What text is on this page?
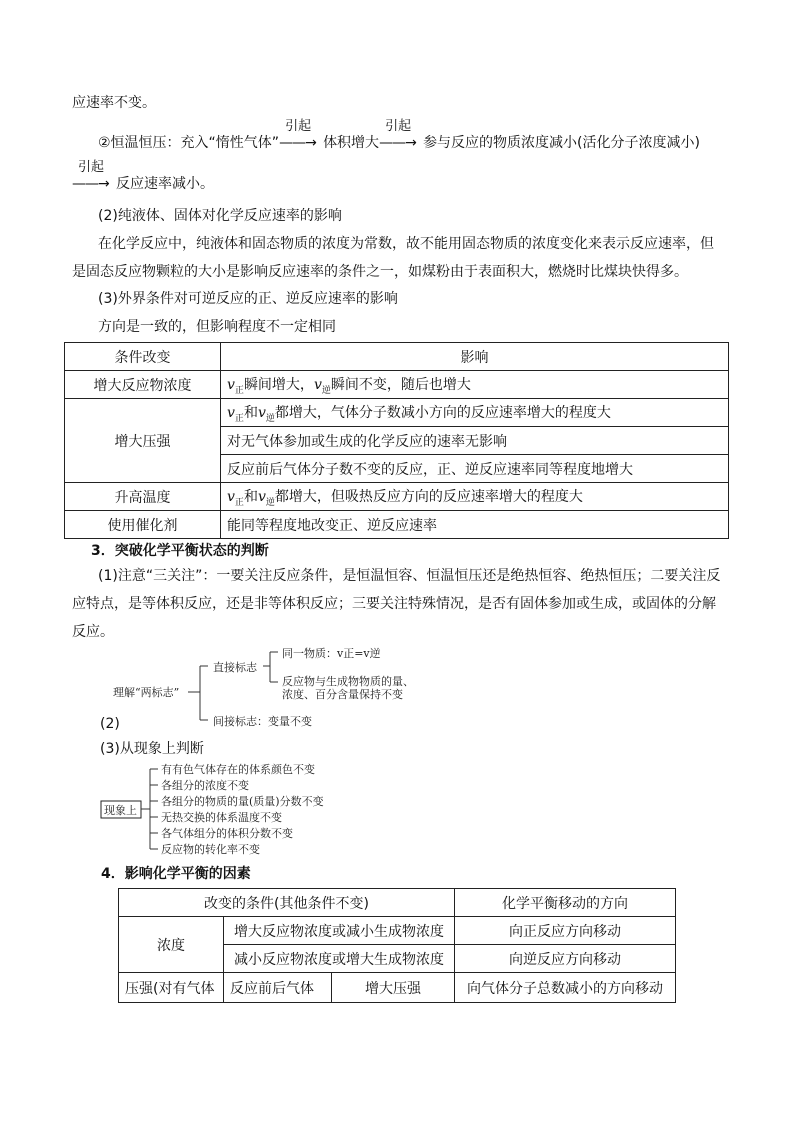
应速率不变。
②恒温恒压：充入“惰性气体”
引起
——→ 体积增大
引起
——→ 参与反应的物质浓度减小(活化分子浓度减小)
引起
——→ 反应速率减小。
(2)纯液体、固体对化学反应速率的影响
在化学反应中，纯液体和固态物质的浓度为常数，故不能用固态物质的浓度变化来表示反应速率，但
是固态反应物颗粒的大小是影响反应速率的条件之一，如煤粉由于表面积大，燃烧时比煤块快得多。
(3)外界条件对可逆反应的正、逆反应速率的影响
方向是一致的，但影响程度不一定相同
条件改变	影响
增大反应物浓度	$v_正$瞬间增大，$v_逆$瞬间不变，随后也增大
增大压强	$v_正$和$v_逆$都增大，气体分子数减小方向的反应速率增大的程度大
	对无气体参加或生成的化学反应的速率无影响
	反应前后气体分子数不变的反应，正、逆反应速率同等程度地增大
升高温度	$v_正$和$v_逆$都增大，但吸热反应方向的反应速率增大的程度大
使用催化剂	能同等程度地改变正、逆反应速率
3．突破化学平衡状态的判断
(1)注意“三关注”：一要关注反应条件，是恒温恒容、恒温恒压还是绝热恒容、绝热恒压；二要关注反
应特点，是等体积反应，还是非等体积反应；三要关注特殊情况，是否有固体参加或生成，或固体的分解
反应。
理解“两标志”
直接标志
同一物质：v正=v逆
反应物与生成物物质的量、
浓度、百分含量保持不变
间接标志：变量不变
(2)
(3)从现象上判断
现象上
有有色气体存在的体系颜色不变
各组分的浓度不变
各组分的物质的量(质量)分数不变
无热交换的体系温度不变
各气体组分的体积分数不变
反应物的转化率不变
4．影响化学平衡的因素
改变的条件(其他条件不变)			化学平衡移动的方向
浓度	增大反应物浓度或减小生成物浓度		向正反应方向移动
	减小反应物浓度或增大生成物浓度		向逆反应方向移动
压强(对有气体	反应前后气体	增大压强	向气体分子总数减小的方向移动
